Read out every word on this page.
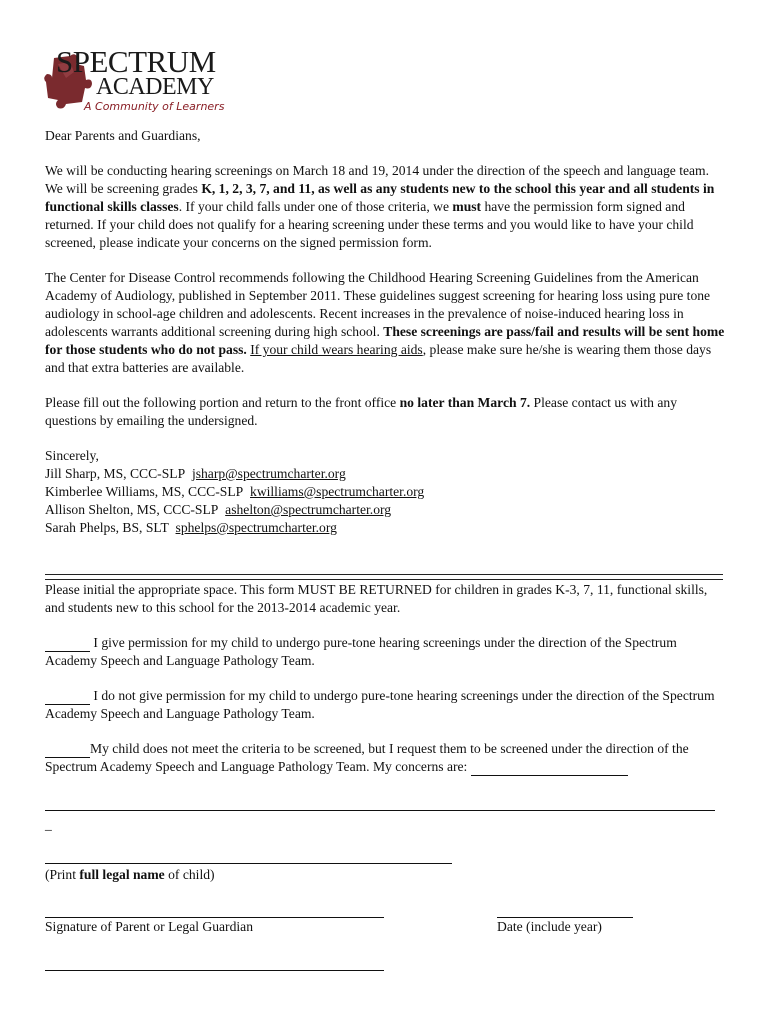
SPECTRUM
ACADEMY
A Community of Learners

Dear Parents and Guardians,

We will be conducting hearing screenings on March 18 and 19, 2014 under the direction of the speech and language team. We will be screening grades K, 1, 2, 3, 7, and 11, as well as any students new to the school this year and all students in functional skills classes. If your child falls under one of those criteria, we must have the permission form signed and returned. If your child does not qualify for a hearing screening under these terms and you would like to have your child screened, please indicate your concerns on the signed permission form.

The Center for Disease Control recommends following the Childhood Hearing Screening Guidelines from the American Academy of Audiology, published in September 2011. These guidelines suggest screening for hearing loss using pure tone audiology in school-age children and adolescents. Recent increases in the prevalence of noise-induced hearing loss in adolescents warrants additional screening during high school. These screenings are pass/fail and results will be sent home for those students who do not pass. If your child wears hearing aids, please make sure he/she is wearing them those days and that extra batteries are available.

Please fill out the following portion and return to the front office no later than March 7. Please contact us with any questions by emailing the undersigned.

Sincerely,

Jill Sharp, MS, CCC-SLP jsharp@spectrumcharter.org

Kimberlee Williams, MS, CCC-SLP kwilliams@spectrumcharter.org

Allison Shelton, MS, CCC-SLP ashelton@spectrumcharter.org

Sarah Phelps, BS, SLT sphelps@spectrumcharter.org

Please initial the appropriate space. This form MUST BE RETURNED for children in grades K-3, 7, 11, functional skills, and students new to this school for the 2013-2014 academic year.

I give permission for my child to undergo pure-tone hearing screenings under the direction of the Spectrum Academy Speech and Language Pathology Team.

I do not give permission for my child to undergo pure-tone hearing screenings under the direction of the Spectrum Academy Speech and Language Pathology Team.

My child does not meet the criteria to be screened, but I request them to be screened under the direction of the Spectrum Academy Speech and Language Pathology Team. My concerns are:

_
(Print full legal name of child)
Signature of Parent or Legal Guardian	Date (include year)
